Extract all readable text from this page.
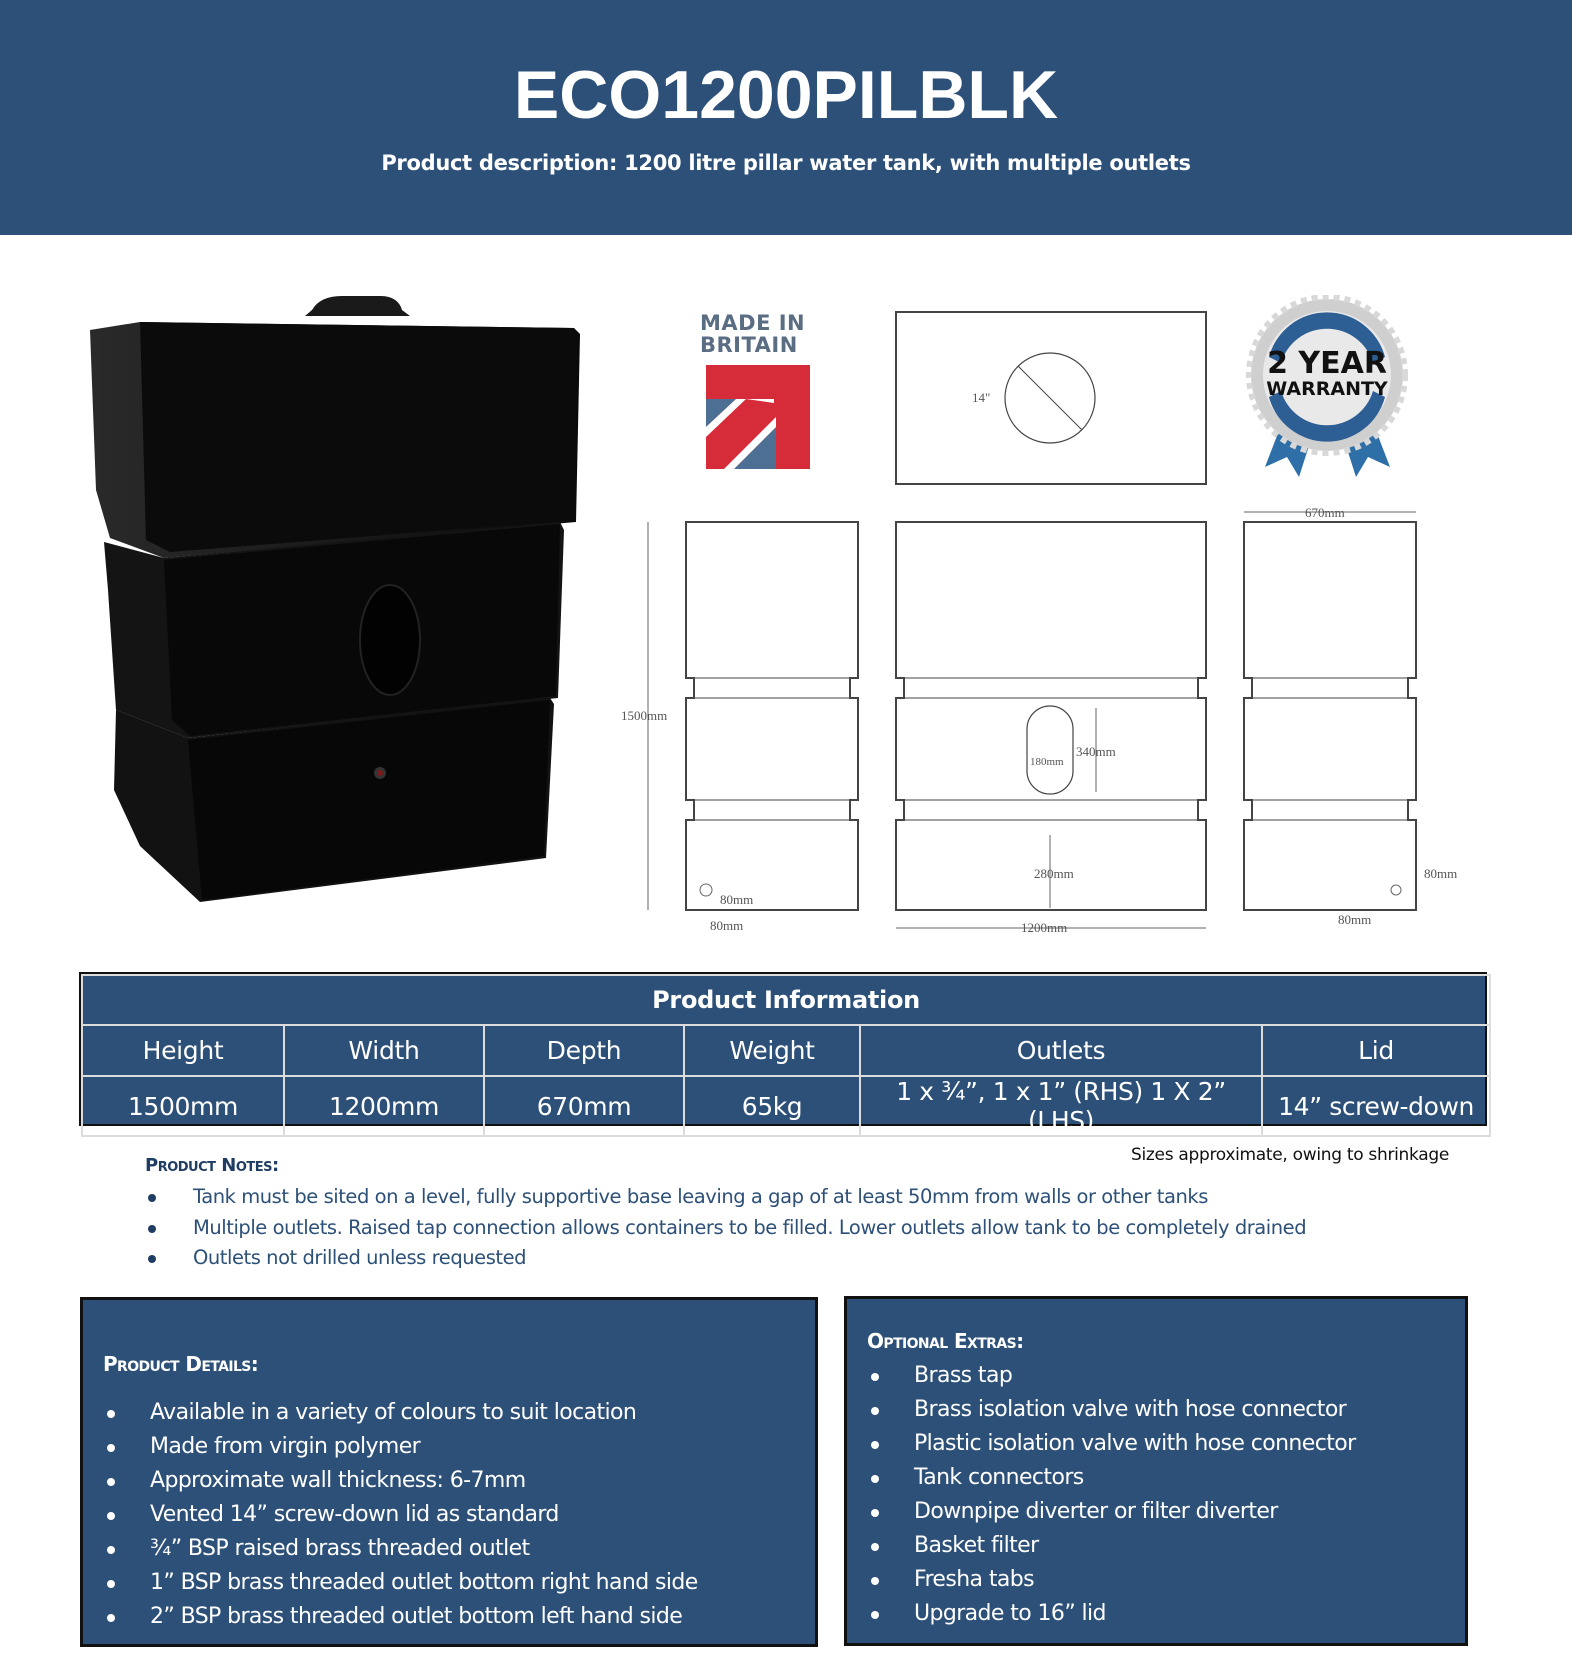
ECO1200PILBLK
Product description: 1200 litre pillar water tank, with multiple outlets
MADE IN
BRITAIN
2 YEAR
WARRANTY
14"
1500mm
80mm
80mm
340mm
180mm
280mm
1200mm
670mm
80mm
80mm
Product Information					
Height	Width	Depth	Weight	Outlets	Lid
1500mm	1200mm	670mm	65kg	1 x ¾”, 1 x 1” (RHS) 1 X 2” (LHS)	14” screw-down
Sizes approximate, owing to shrinkage
Product Notes:
Tank must be sited on a level, fully supportive base leaving a gap of at least 50mm from walls or other tanks
Multiple outlets. Raised tap connection allows containers to be filled. Lower outlets allow tank to be completely drained
Outlets not drilled unless requested
Product Details:
Available in a variety of colours to suit location
Made from virgin polymer
Approximate wall thickness: 6-7mm
Vented 14” screw-down lid as standard
¾” BSP raised brass threaded outlet
1” BSP brass threaded outlet bottom right hand side
2” BSP brass threaded outlet bottom left hand side
Optional Extras:
Brass tap
Brass isolation valve with hose connector
Plastic isolation valve with hose connector
Tank connectors
Downpipe diverter or filter diverter
Basket filter
Fresha tabs
Upgrade to 16” lid
